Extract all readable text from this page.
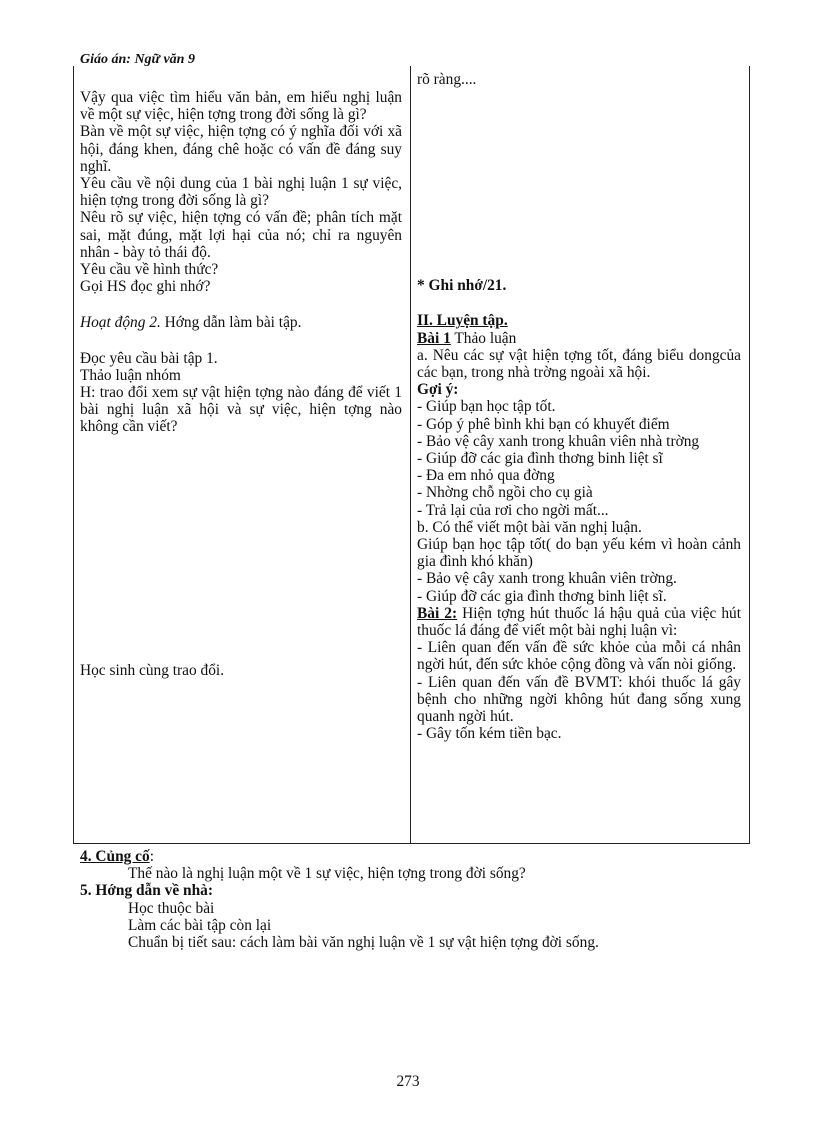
Giáo án: Ngữ văn 9

Vậy qua việc tìm hiểu văn bản, em hiểu nghị luận về một sự việc, hiện tợng trong đời sống là gì?

Bàn về một sự việc, hiện tợng có ý nghĩa đối với xã hội, đáng khen, đáng chê hoặc có vấn đề đáng suy nghĩ.

Yêu cầu về nội dung của 1 bài nghị luận 1 sự việc, hiện tợng trong đời sống là gì?

Nêu rõ sự việc, hiện tợng có vấn đề; phân tích mặt sai, mặt đúng, mặt lợi hại của nó; chỉ ra nguyên nhân - bày tỏ thái độ.

Yêu cầu về hình thức?

Gọi HS đọc ghi nhớ?

Hoạt động 2. Hớng dẫn làm bài tập.

Đọc yêu cầu bài tập 1.

Thảo luận nhóm

H: trao đổi xem sự vật hiện tợng nào đáng để viết 1 bài nghị luận xã hội và sự việc, hiện tợng nào không cần viết?

Học sinh cùng trao đổi.

rõ ràng....

* Ghi nhớ/21.

II. Luyện tập.

Bài 1 Thảo luận

a. Nêu các sự vật hiện tợng tốt, đáng biểu dongcủa các bạn, trong nhà trờng ngoài xã hội.

Gợi ý:

- Giúp bạn học tập tốt.

- Góp ý phê bình khi bạn có khuyết điểm

- Bảo vệ cây xanh trong khuân viên nhà trờng

- Giúp đỡ các gia đình thơng binh liệt sĩ

- Đa em nhỏ qua đờng

- Nhờng chỗ ngồi cho cụ già

- Trả lại của rơi cho ngời mất...

b. Có thể viết một bài văn nghị luận.

Giúp bạn học tập tốt( do bạn yếu kém vì hoàn cảnh gia đình khó khăn)

- Bảo vệ cây xanh trong khuân viên trờng.

- Giúp đỡ các gia đình thơng binh liệt sĩ.

Bài 2: Hiện tợng hút thuốc lá hậu quả của việc hút thuốc lá đáng để viết một bài nghị luận vì:

- Liên quan đến vấn đề sức khỏe của mỗi cá nhân ngời hút, đến sức khỏe cộng đồng và vấn nòi giống.

- Liên quan đến vấn đề BVMT: khói thuốc lá gây bệnh cho những ngời không hút đang sống xung quanh ngời hút.

- Gây tốn kém tiền bạc.

4. Củng cố:

Thế nào là nghị luận một về 1 sự việc, hiện tợng trong đời sống?

5. Hớng dẫn về nhà:

Học thuộc bài

Làm các bài tập còn lại

Chuẩn bị tiết sau: cách làm bài văn nghị luận về 1 sự vật hiện tợng đời sống.

273
